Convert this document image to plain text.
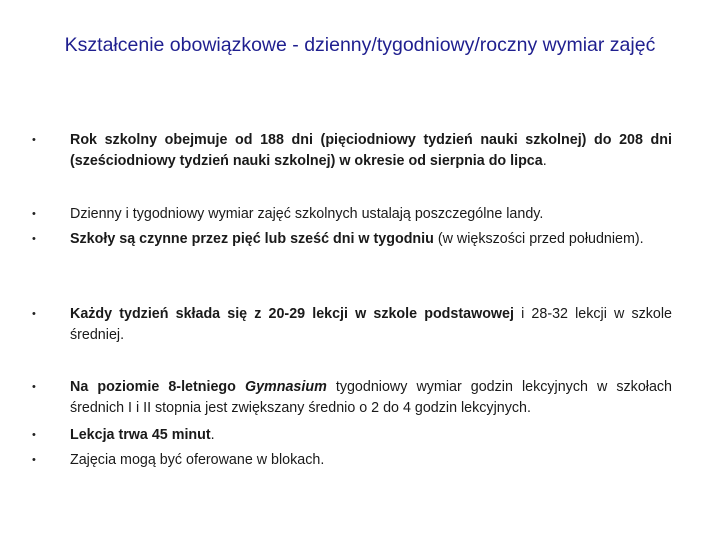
Kształcenie obowiązkowe - dzienny/tygodniowy/roczny wymiar zajęć
• Rok szkolny obejmuje od 188 dni (pięciodniowy tydzień nauki szkolnej) do 208 dni (sześciodniowy tydzień nauki szkolnej) w okresie od sierpnia do lipca.
• Dzienny i tygodniowy wymiar zajęć szkolnych ustalają poszczególne landy.
• Szkoły są czynne przez pięć lub sześć dni w tygodniu (w większości przed południem).
• Każdy tydzień składa się z 20-29 lekcji w szkole podstawowej i 28-32 lekcji w szkole średniej.
• Na poziomie 8-letniego Gymnasium tygodniowy wymiar godzin lekcyjnych w szkołach średnich I i II stopnia jest zwiększany średnio o 2 do 4 godzin lekcyjnych.
• Lekcja trwa 45 minut.
• Zajęcia mogą być oferowane w blokach.
